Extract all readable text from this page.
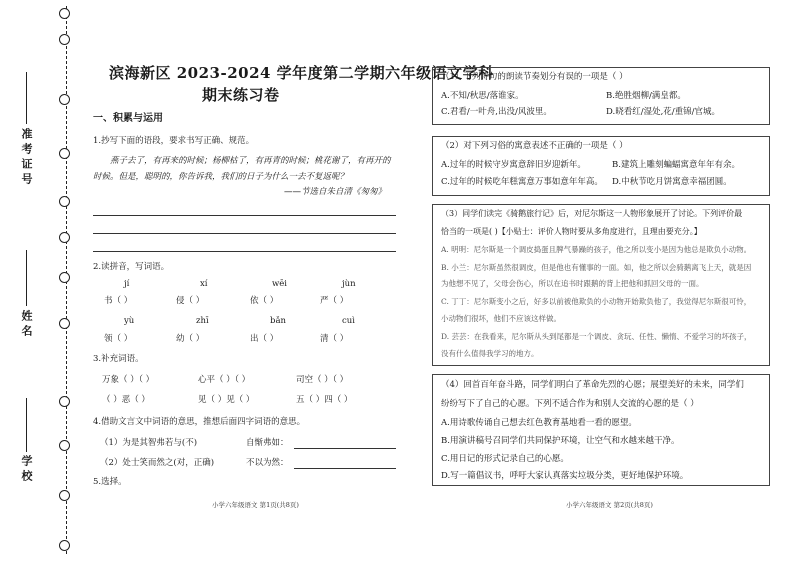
准考证号
姓名
学校
滨海新区 2023-2024 学年度第二学期六年级语文学科
期末练习卷
一、积累与运用
1.抄写下面的语段，要求书写正确、规范。
燕子去了，有再来的时候；杨柳枯了，有再青的时候；桃花谢了，有再开的
时候。但是，聪明的，你告诉我，我们的日子为什么一去不复返呢？
——节选自朱自清《匆匆》
2.读拼音，写词语。
jí	xí	wēi	jùn
书（ ）	侵（ ）	依（ ）	严（ ）
yù	zhī	bǎn	cuì
领（ ）	幼（ ）	出（ ）	清（ ）
3.补充词语。
万象（ ）（ ）	心平（ ）（ ）	司空（ ）（ ）
（ ）恶（ ）	见（ ）见（ ）	五（ ）四（ ）
4.借助文言文中词语的意思，推想后面四字词语的意思。
（1）为是其智弗若与(不)	自惭弗如：
（2）处士笑而然之(对，正确)	不以为然：
5.选择。
小学六年级语文 第1页(共8页)
（1）下列诗句的朗读节奏划分有误的一项是（ ）
A.不知/秋思/落谁家。	B.绝胜烟柳/满皇都。
C.君看/一叶舟,出没/风波里。	D.晓看红/湿处,花/重锦/官城。
（2）对下列习俗的寓意表述不正确的一项是（ ）
A.过年的时候守岁寓意辞旧岁迎新年。	B.建筑上雕刻蝙蝠寓意年年有余。
C.过年的时候吃年糕寓意万事如意年年高。 D.中秋节吃月饼寓意幸福团圆。
（3）同学们读完《骑鹅旅行记》后，对尼尔斯这一人物形象展开了讨论。下列评价最
恰当的一项是( )【小贴士：评价人物时要从多角度进行，且理由要充分。】
A. 明明：尼尔斯是一个调皮捣蛋且脾气暴躁的孩子，他之所以变小是因为他总是欺负小动物。
B. 小兰：尼尔斯虽然很调皮，但是他也有懂事的一面。如，他之所以会骑鹅离飞上天，就是因
为他想不见了，父母会伤心，所以在追书时跟鹅的背上把他和抓回父母的一面。
C. 丁丁：尼尔斯变小之后，好多以前被他欺负的小动物开始欺负他了，我觉得尼尔斯很可怜，
小动物们很坏，他们不应该这样做。
D. 芸芸：在我看来，尼尔斯从头到尾都是一个调皮、贪玩、任性、懒惰、不爱学习的坏孩子，
没有什么值得我学习的地方。
（4）回首百年奋斗路，同学们明白了革命先烈的心愿；展望美好的未来，同学们
纷纷写下了自己的心愿。下列不适合作为和别人交流的心愿的是（ ）
A.用诗歌传诵自己想去红色教育基地看一看的愿望。
B.用演讲稿号召同学们共同保护环境，让空气和水越来越干净。
C.用日记的形式记录自己的心愿。
D.写一篇倡议书，呼吁大家认真落实垃圾分类，更好地保护环境。
小学六年级语文 第2页(共8页)
